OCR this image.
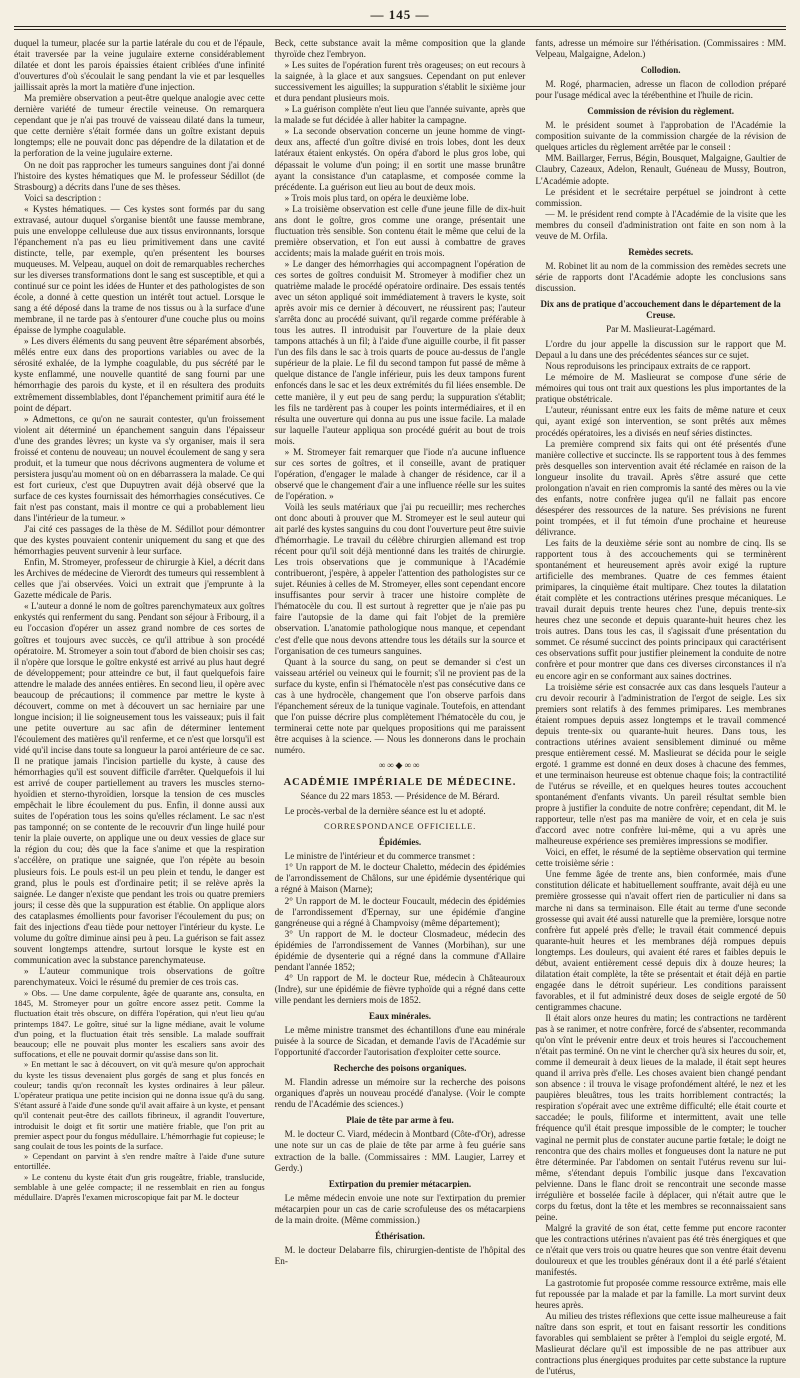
— 145 —

duquel la tumeur, placée sur la partie latérale du cou et de l'épaule, était traversée par la veine jugulaire externe considérablement dilatée et dont les parois épaissies étaient criblées d'une infinité d'ouvertures d'où s'écoulait le sang pendant la vie et par lesquelles jaillissait après la mort la matière d'une injection.

Ma première observation a peut-être quelque analogie avec cette dernière variété de tumeur érectile veineuse. On remarquera cependant que je n'ai pas trouvé de vaisseau dilaté dans la tumeur, que cette dernière s'était formée dans un goître existant depuis longtemps; elle ne pouvait donc pas dépendre de la dilatation et de la perforation de la veine jugulaire externe.

On ne doit pas rapprocher les tumeurs sanguines dont j'ai donné l'histoire des kystes hématiques que M. le professeur Sédillot (de Strasbourg) a décrits dans l'une de ses thèses.

Voici sa description :

« Kystes hématiques. — Ces kystes sont formés par du sang extravasé, autour duquel s'organise bientôt une fausse membrane, puis une enveloppe celluleuse due aux tissus environnants, lorsque l'épanchement n'a pas eu lieu primitivement dans une cavité distincte, telle, par exemple, qu'en présentent les bourses muqueuses. M. Velpeau, auquel on doit de remarquables recherches sur les diverses transformations dont le sang est susceptible, et qui a continué sur ce point les idées de Hunter et des pathologistes de son école, a donné à cette question un intérêt tout actuel. Lorsque le sang a été déposé dans la trame de nos tissus ou à la surface d'une membrane, il ne tarde pas à s'entourer d'une couche plus ou moins épaisse de lymphe coagulable.

» Les divers éléments du sang peuvent être séparément absorbés, mêlés entre eux dans des proportions variables ou avec de la sérosité exhalée, de la lymphe coagulable, du pus sécrété par le kyste enflammé, une nouvelle quantité de sang fourni par une hémorrhagie des parois du kyste, et il en résultera des produits extrêmement dissemblables, dont l'épanchement primitif aura été le point de départ.

» Admettons, ce qu'on ne saurait contester, qu'un froissement violent ait déterminé un épanchement sanguin dans l'épaisseur d'une des grandes lèvres; un kyste va s'y organiser, mais il sera froissé et contenu de nouveau; un nouvel écoulement de sang y sera produit, et la tumeur que nous décrivons augmentera de volume et persistera jusqu'au moment où on en débarrassera la malade. Ce qui est fort curieux, c'est que Dupuytren avait déjà observé que la surface de ces kystes fournissait des hémorrhagies consécutives. Ce fait n'est pas constant, mais il montre ce qui a probablement lieu dans l'intérieur de la tumeur. »

J'ai cité ces passages de la thèse de M. Sédillot pour démontrer que des kystes pouvaient contenir uniquement du sang et que des hémorrhagies peuvent survenir à leur surface.

Enfin, M. Stromeyer, professeur de chirurgie à Kiel, a décrit dans les Archives de médecine de Vierordt des tumeurs qui ressemblent à celles que j'ai observées. Voici un extrait que j'emprunte à la Gazette médicale de Paris.

« L'auteur a donné le nom de goîtres parenchymateux aux goîtres enkystés qui renferment du sang. Pendant son séjour à Fribourg, il a eu l'occasion d'opérer un assez grand nombre de ces sortes de goîtres et toujours avec succès, ce qu'il attribue à son procédé opératoire. M. Stromeyer a soin tout d'abord de bien choisir ses cas; il n'opère que lorsque le goître enkysté est arrivé au plus haut degré de développement; pour atteindre ce but, il faut quelquefois faire attendre le malade des années entières. En second lieu, il opère avec beaucoup de précautions; il commence par mettre le kyste à découvert, comme on met à découvert un sac herniaire par une longue incision; il lie soigneusement tous les vaisseaux; puis il fait une petite ouverture au sac afin de déterminer lentement l'écoulement des matières qu'il renferme, et ce n'est que lorsqu'il est vidé qu'il incise dans toute sa longueur la paroi antérieure de ce sac. Il ne pratique jamais l'incision partielle du kyste, à cause des hémorrhagies qu'il est souvent difficile d'arrêter. Quelquefois il lui est arrivé de couper partiellement au travers les muscles sterno-hyoïdien et sterno-thyroïdien, lorsque la tension de ces muscles empêchait le libre écoulement du pus. Enfin, il donne aussi aux suites de l'opération tous les soins qu'elles réclament. Le sac n'est pas tamponné; on se contente de le recouvrir d'un linge huilé pour tenir la plaie ouverte, on applique une ou deux vessies de glace sur la région du cou; dès que la face s'anime et que la respiration s'accélère, on pratique une saignée, que l'on répète au besoin plusieurs fois. Le pouls est-il un peu plein et tendu, le danger est grand, plus le pouls est d'ordinaire petit; il se relève après la saignée. Le danger n'existe que pendant les trois ou quatre premiers jours; il cesse dès que la suppuration est établie. On applique alors des cataplasmes émollients pour favoriser l'écoulement du pus; on fait des injections d'eau tiède pour nettoyer l'intérieur du kyste. Le volume du goître diminue ainsi peu à peu. La guérison se fait assez souvent longtemps attendre, surtout lorsque le kyste est en communication avec la substance parenchymateuse.

» L'auteur communique trois observations de goître parenchymateux. Voici le résumé du premier de ces trois cas.

» Obs. — Une dame corpulente, âgée de quarante ans, consulta, en 1845, M. Stromeyer pour un goître encore assez petit. Comme la fluctuation était très obscure, on différa l'opération, qui n'eut lieu qu'au printemps 1847. Le goître, situé sur la ligne médiane, avait le volume d'un poing, et la fluctuation était très sensible. La malade souffrait beaucoup; elle ne pouvait plus monter les escaliers sans avoir des suffocations, et elle ne pouvait dormir qu'assise dans son lit.

» En mettant le sac à découvert, on vit qu'à mesure qu'on approchait du kyste les tissus devenaient plus gorgés de sang et plus foncés en couleur; tandis qu'on reconnaît les kystes ordinaires à leur pâleur. L'opérateur pratiqua une petite incision qui ne donna issue qu'à du sang. S'étant assuré à l'aide d'une sonde qu'il avait affaire à un kyste, et pensant qu'il contenait peut-être des caillots fibrineux, il agrandit l'ouverture, introduisit le doigt et fit sortir une matière friable, que l'on prit au premier aspect pour du fongus médullaire. L'hémorrhagie fut copieuse; le sang coulait de tous les points de la surface.

» Cependant on parvint à s'en rendre maître à l'aide d'une suture entortillée.

» Le contenu du kyste était d'un gris rougeâtre, friable, translucide, semblable à une gelée compacte; il ne ressemblait en rien au fongus médullaire. D'après l'examen microscopique fait par M. le docteur

Beck, cette substance avait la même composition que la glande thyroïde chez l'embryon.

» Les suites de l'opération furent très orageuses; on eut recours à la saignée, à la glace et aux sangsues. Cependant on put enlever successivement les aiguilles; la suppuration s'établit le sixième jour et dura pendant plusieurs mois.

» La guérison complète n'eut lieu que l'année suivante, après que la malade se fut décidée à aller habiter la campagne.

» La seconde observation concerne un jeune homme de vingt-deux ans, affecté d'un goître divisé en trois lobes, dont les deux latéraux étaient enkystés. On opéra d'abord le plus gros lobe, qui dépassait le volume d'un poing; il en sortit une masse brunâtre ayant la consistance d'un cataplasme, et composée comme la précédente. La guérison eut lieu au bout de deux mois.

» Trois mois plus tard, on opéra le deuxième lobe.

» La troisième observation est celle d'une jeune fille de dix-huit ans dont le goître, gros comme une orange, présentait une fluctuation très sensible. Son contenu était le même que celui de la première observation, et l'on eut aussi à combattre de graves accidents; mais la malade guérit en trois mois.

» Le danger des hémorrhagies qui accompagnent l'opération de ces sortes de goîtres conduisit M. Stromeyer à modifier chez un quatrième malade le procédé opératoire ordinaire. Des essais tentés avec un séton appliqué soit immédiatement à travers le kyste, soit après avoir mis ce dernier à découvert, ne réussirent pas; l'auteur s'arrêta donc au procédé suivant, qu'il regarde comme préférable à tous les autres. Il introduisit par l'ouverture de la plaie deux tampons attachés à un fil; à l'aide d'une aiguille courbe, il fit passer l'un des fils dans le sac à trois quarts de pouce au-dessus de l'angle supérieur de la plaie. Le fil du second tampon fut passé de même à quelque distance de l'angle inférieur, puis les deux tampons furent enfoncés dans le sac et les deux extrémités du fil liées ensemble. De cette manière, il y eut peu de sang perdu; la suppuration s'établit; les fils ne tardèrent pas à couper les points intermédiaires, et il en résulta une ouverture qui donna au pus une issue facile. La malade sur laquelle l'auteur appliqua son procédé guérit au bout de trois mois.

» M. Stromeyer fait remarquer que l'iode n'a aucune influence sur ces sortes de goîtres, et il conseille, avant de pratiquer l'opération, d'engager le malade à changer de résidence, car il a observé que le changement d'air a une influence réelle sur les suites de l'opération. »

Voilà les seuls matériaux que j'ai pu recueillir; mes recherches ont donc abouti à prouver que M. Stromeyer est le seul auteur qui ait parlé des kystes sanguins du cou dont l'ouverture peut être suivie d'hémorrhagie. Le travail du célèbre chirurgien allemand est trop récent pour qu'il soit déjà mentionné dans les traités de chirurgie. Les trois observations que je communique à l'Académie contribueront, j'espère, à appeler l'attention des pathologistes sur ce sujet. Réunies à celles de M. Stromeyer, elles sont cependant encore insuffisantes pour servir à tracer une histoire complète de l'hématocèle du cou. Il est surtout à regretter que je n'aie pas pu faire l'autopsie de la dame qui fait l'objet de la première observation. L'anatomie pathologique nous manque, et cependant c'est d'elle que nous devons attendre tous les détails sur la source et l'organisation de ces tumeurs sanguines.

Quant à la source du sang, on peut se demander si c'est un vaisseau artériel ou veineux qui le fournit; s'il ne provient pas de la surface du kyste, enfin si l'hématocèle n'est pas consécutive dans ce cas à une hydrocèle, changement que l'on observe parfois dans l'épanchement séreux de la tunique vaginale. Toutefois, en attendant que l'on puisse décrire plus complètement l'hématocèle du cou, je terminerai cette note par quelques propositions qui me paraissent être acquises à la science. — Nous les donnerons dans le prochain numéro.

∞∞◆∞∞
ACADÉMIE IMPÉRIALE DE MÉDECINE.
Séance du 22 mars 1853. — Présidence de M. Bérard.

Le procès-verbal de la dernière séance est lu et adopté.

CORRESPONDANCE OFFICIELLE.
Épidémies.

Le ministre de l'intérieur et du commerce transmet :

1° Un rapport de M. le docteur Chaletto, médecin des épidémies de l'arrondissement de Châlons, sur une épidémie dysentérique qui a régné à Maison (Marne);

2° Un rapport de M. le docteur Foucault, médecin des épidémies de l'arrondissement d'Epernay, sur une épidémie d'angine gangréneuse qui a régné à Champvoisy (même département);

3° Un rapport de M. le docteur Closmadeuc, médecin des épidémies de l'arrondissement de Vannes (Morbihan), sur une épidémie de dysenterie qui a régné dans la commune d'Allaire pendant l'année 1852;

4° Un rapport de M. le docteur Rue, médecin à Châteauroux (Indre), sur une épidémie de fièvre typhoïde qui a régné dans cette ville pendant les derniers mois de 1852.

Eaux minérales.

Le même ministre transmet des échantillons d'une eau minérale puisée à la source de Sicadan, et demande l'avis de l'Académie sur l'opportunité d'accorder l'autorisation d'exploiter cette source.

Recherche des poisons organiques.

M. Flandin adresse un mémoire sur la recherche des poisons organiques d'après un nouveau procédé d'analyse. (Voir le compte rendu de l'Académie des sciences.)

Plaie de tête par arme à feu.

M. le docteur C. Viard, médecin à Montbard (Côte-d'Or), adresse une note sur un cas de plaie de tête par arme à feu guérie sans extraction de la balle. (Commissaires : MM. Laugier, Larrey et Gerdy.)

Extirpation du premier métacarpien.

Le même médecin envoie une note sur l'extirpation du premier métacarpien pour un cas de carie scrofuleuse des os métacarpiens de la main droite. (Même commission.)

Éthérisation.

M. le docteur Delabarre fils, chirurgien-dentiste de l'hôpital des En-

fants, adresse un mémoire sur l'éthérisation. (Commissaires : MM. Velpeau, Malgaigne, Adelon.)

Collodion.

M. Rogé, pharmacien, adresse un flacon de collodion préparé pour l'usage médical avec la térébenthine et l'huile de ricin.

Commission de révision du règlement.

M. le président soumet à l'approbation de l'Académie la composition suivante de la commission chargée de la révision de quelques articles du règlement arrêtée par le conseil :

MM. Baillarger, Ferrus, Bégin, Bousquet, Malgaigne, Gaultier de Claubry, Cazeaux, Adelon, Renault, Guéneau de Mussy, Boutron, L'Académie adopte.

Le président et le secrétaire perpétuel se joindront à cette commission.

— M. le président rend compte à l'Académie de la visite que les membres du conseil d'administration ont faite en son nom à la veuve de M. Orfila.

Remèdes secrets.

M. Robinet lit au nom de la commission des remèdes secrets une série de rapports dont l'Académie adopte les conclusions sans discussion.

Dix ans de pratique d'accouchement dans le département de la Creuse.
Par M. Maslieurat-Lagémard.

L'ordre du jour appelle la discussion sur le rapport que M. Depaul a lu dans une des précédentes séances sur ce sujet.

Nous reproduisons les principaux extraits de ce rapport.

Le mémoire de M. Maslieurat se compose d'une série de mémoires qui tous ont trait aux questions les plus importantes de la pratique obstétricale.

L'auteur, réunissant entre eux les faits de même nature et ceux qui, ayant exigé son intervention, se sont prêtés aux mêmes procédés opératoires, les a divisés en neuf séries distinctes.

La première comprend six faits qui ont été présentés d'une manière collective et succincte. Ils se rapportent tous à des femmes près desquelles son intervention avait été réclamée en raison de la longueur insolite du travail. Après s'être assuré que cette prolongation n'avait en rien compromis la santé des mères ou la vie des enfants, notre confrère jugea qu'il ne fallait pas encore désespérer des ressources de la nature. Ses prévisions ne furent point trompées, et il fut témoin d'une prochaine et heureuse délivrance.

Les faits de la deuxième série sont au nombre de cinq. Ils se rapportent tous à des accouchements qui se terminèrent spontanément et heureusement après avoir exigé la rupture artificielle des membranes. Quatre de ces femmes étaient primipares, la cinquième était multipare. Chez toutes la dilatation était complète et les contractions utérines presque mécaniques. Le travail durait depuis trente heures chez l'une, depuis trente-six heures chez une seconde et depuis quarante-huit heures chez les trois autres. Dans tous les cas, il s'agissait d'une présentation du sommet. Ce résumé succinct des points principaux qui caractérisent ces observations suffit pour justifier pleinement la conduite de notre confrère et pour montrer que dans ces diverses circonstances il n'a eu encore agir en se conformant aux saines doctrines.

La troisième série est consacrée aux cas dans lesquels l'auteur a cru devoir recourir à l'administration de l'ergot de seigle. Les six premiers sont relatifs à des femmes primipares. Les membranes étaient rompues depuis assez longtemps et le travail commencé depuis trente-six ou quarante-huit heures. Dans tous, les contractions utérines avaient sensiblement diminué ou même presque entièrement cessé. M. Maslieurat se décida pour le seigle ergoté. 1 gramme est donné en deux doses à chacune des femmes, et une terminaison heureuse est obtenue chaque fois; la contractilité de l'utérus se réveille, et en quelques heures toutes accouchent spontanément d'enfants vivants. Un pareil résultat semble bien propre à justifier la conduite de notre confrère; cependant, dit M. le rapporteur, telle n'est pas ma manière de voir, et en cela je suis d'accord avec notre confrère lui-même, qui a vu après une malheureuse expérience ses premières impressions se modifier.

Voici, en effet, le résumé de la septième observation qui termine cette troisième série :

Une femme âgée de trente ans, bien conformée, mais d'une constitution délicate et habituellement souffrante, avait déjà eu une première grossesse qui n'avait offert rien de particulier ni dans sa marche ni dans sa terminaison. Elle était au terme d'une seconde grossesse qui avait été aussi naturelle que la première, lorsque notre confrère fut appelé près d'elle; le travail était commencé depuis quarante-huit heures et les membranes déjà rompues depuis longtemps. Les douleurs, qui avaient été rares et faibles depuis le début, avaient entièrement cessé depuis dix à douze heures; la dilatation était complète, la tête se présentait et était déjà en partie engagée dans le détroit supérieur. Les conditions paraissent favorables, et il fut administré deux doses de seigle ergoté de 50 centigrammes chacune.

Il était alors onze heures du matin; les contractions ne tardèrent pas à se ranimer, et notre confrère, forcé de s'absenter, recommanda qu'on vînt le prévenir entre deux et trois heures si l'accouchement n'était pas terminé. On ne vint le chercher qu'à six heures du soir, et, comme il demeurait à deux lieues de la malade, il était sept heures quand il arriva près d'elle. Les choses avaient bien changé pendant son absence : il trouva le visage profondément altéré, le nez et les paupières bleuâtres, tous les traits horriblement contractés; la respiration s'opérait avec une extrême difficulté; elle était courte et saccadée; le pouls, filiforme et intermittent, avait une telle fréquence qu'il était presque impossible de le compter; le toucher vaginal ne permit plus de constater aucune partie fœtale; le doigt ne rencontra que des chairs molles et fongueuses dont la nature ne put être déterminée. Par l'abdomen on sentait l'utérus revenu sur lui-même, s'étendant depuis l'ombilic jusque dans l'excavation pelvienne. Dans le flanc droit se rencontrait une seconde masse irrégulière et bosselée facile à déplacer, qui n'était autre que le corps du fœtus, dont la tête et les membres se reconnaissaient sans peine.

Malgré la gravité de son état, cette femme put encore raconter que les contractions utérines n'avaient pas été très énergiques et que ce n'était que vers trois ou quatre heures que son ventre était devenu douloureux et que les troubles généraux dont il a été parlé s'étaient manifestés.

La gastrotomie fut proposée comme ressource extrême, mais elle fut repoussée par la malade et par la famille. La mort survint deux heures après.

Au milieu des tristes réflexions que cette issue malheureuse a fait naître dans son esprit, et tout en faisant ressortir les conditions favorables qui semblaient se prêter à l'emploi du seigle ergoté, M. Maslieurat déclare qu'il est impossible de ne pas attribuer aux contractions plus énergiques produites par cette substance la rupture de l'utérus,
